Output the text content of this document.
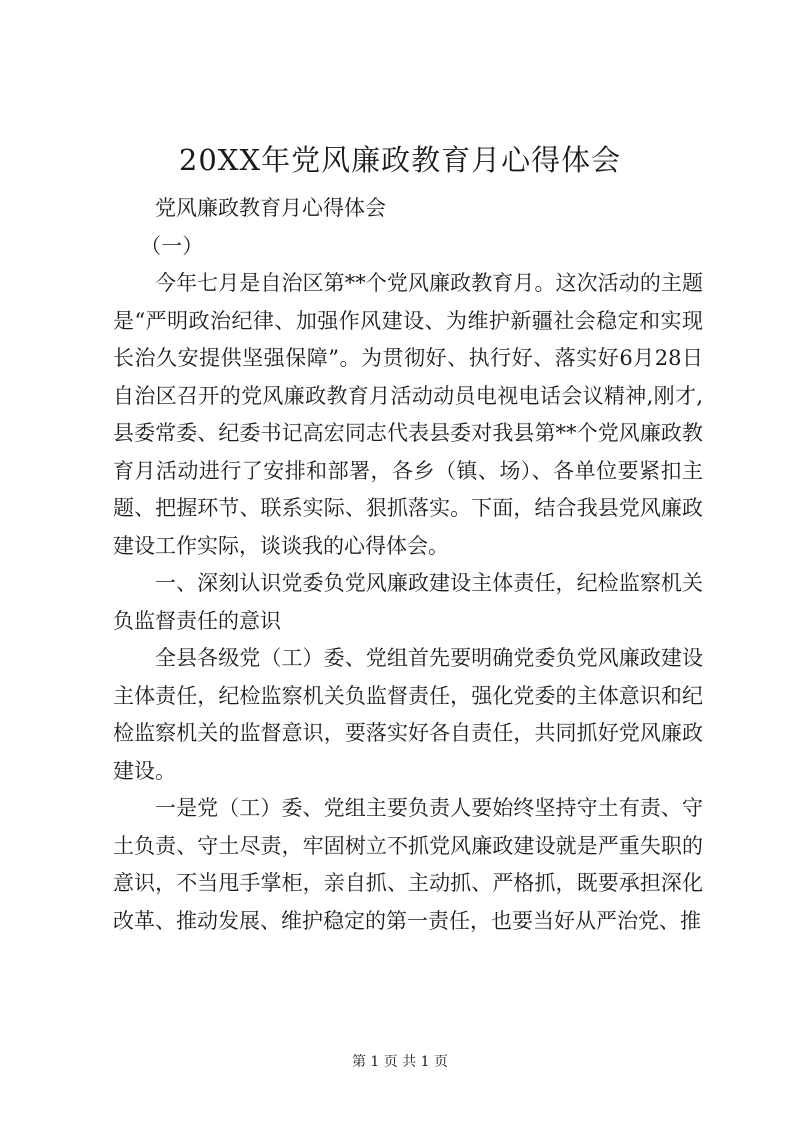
20XX年党风廉政教育月心得体会

党风廉政教育月心得体会

（一）

今年七月是自治区第**个党风廉政教育月。这次活动的主题是“严明政治纪律、加强作风建设、为维护新疆社会稳定和实现长治久安提供坚强保障”。为贯彻好、执行好、落实好6月28日自治区召开的党风廉政教育月活动动员电视电话会议精神,刚才,县委常委、纪委书记高宏同志代表县委对我县第**个党风廉政教育月活动进行了安排和部署，各乡（镇、场）、各单位要紧扣主题、把握环节、联系实际、狠抓落实。下面，结合我县党风廉政建设工作实际，谈谈我的心得体会。

一、深刻认识党委负党风廉政建设主体责任，纪检监察机关负监督责任的意识

全县各级党（工）委、党组首先要明确党委负党风廉政建设主体责任，纪检监察机关负监督责任，强化党委的主体意识和纪检监察机关的监督意识，要落实好各自责任，共同抓好党风廉政建设。

一是党（工）委、党组主要负责人要始终坚持守土有责、守土负责、守土尽责，牢固树立不抓党风廉政建设就是严重失职的意识，不当甩手掌柜，亲自抓、主动抓、严格抓，既要承担深化改革、推动发展、维护稳定的第一责任，也要当好从严治党、推

第 1 页 共 1 页
